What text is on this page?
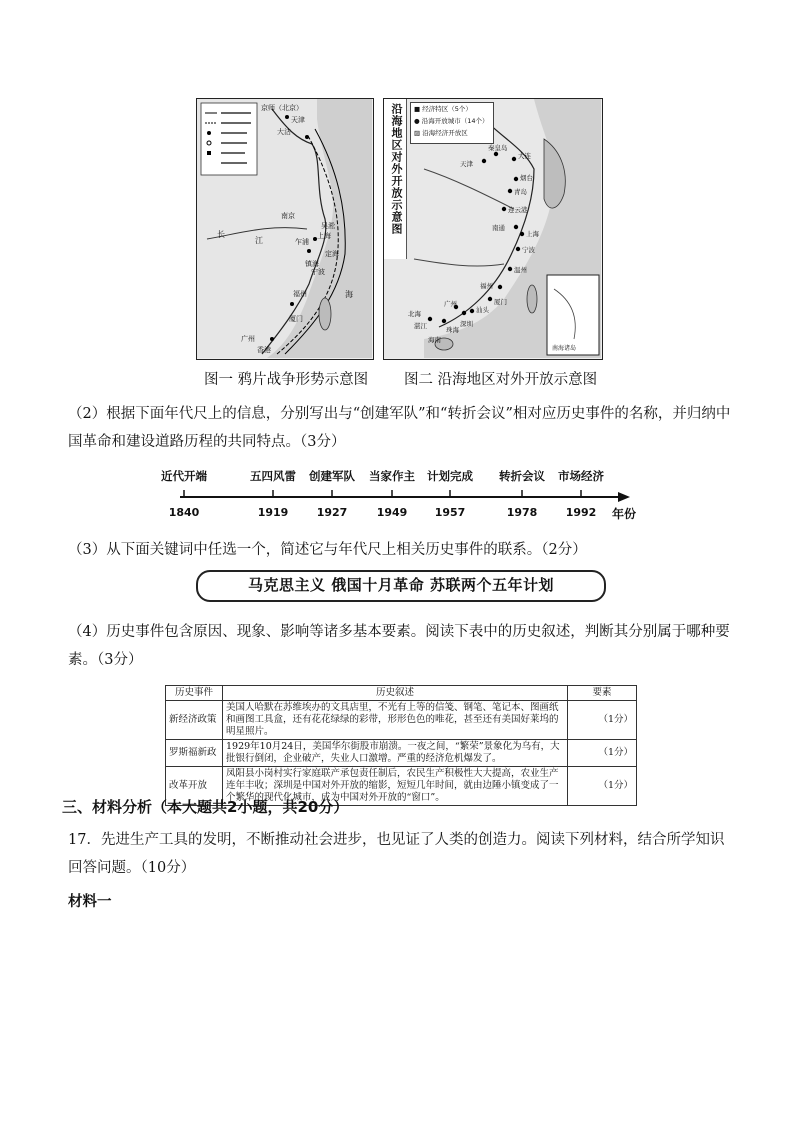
京师（北京）
天津
大沽
长
江
海
福州
厦门
广州
香港
定海
镇海
吴淞
上海
南京
乍浦
宁波
沿海地区对外开放示意图 ■ 经济特区（5个）
● 沿海开放城市（14个）
▨ 沿海经济开放区
大连
秦皇岛
天津
烟台
青岛
连云港
南通
上海
宁波
温州
福州
厦门
汕头
深圳
珠海
广州
湛江
北海
海南
南海诸岛
图一 鸦片战争形势示意图 图二 沿海地区对外开放示意图
（2）根据下面年代尺上的信息，分别写出与“创建军队”和“转折会议”相对应历史事件的名称，并归纳中国革命和建设道路历程的共同特点。（3分）
近代开端	五四风雷 创建军队 当家作主 计划完成 转折会议 市场经济
1840	1919	1927	1949 1957	1978	1992 年份
（3）从下面关键词中任选一个，简述它与年代尺上相关历史事件的联系。（2分）
马克思主义 俄国十月革命 苏联两个五年计划
（4）历史事件包含原因、现象、影响等诸多基本要素。阅读下表中的历史叙述，判断其分别属于哪种要素。（3分）
历史事件	历史叙述	要素
新经济政策	美国人哈默在苏维埃办的文具店里，不光有上等的信笺、钢笔、笔记本、图画纸和画图工具盒，还有花花绿绿的彩带，形形色色的唯花，甚至还有美国好莱坞的明星照片。	（1分）
罗斯福新政	1929年10月24日，美国华尔街股市崩溃。一夜之间，“繁荣”景象化为乌有，大批银行倒闭，企业破产，失业人口激增。严重的经济危机爆发了。	（1分）
改革开放	凤阳县小岗村实行家庭联产承包责任制后，农民生产积极性大大提高，农业生产连年丰收；深圳是中国对外开放的缩影，短短几年时间，就由边陲小镇变成了一个繁华的现代化城市，成为中国对外开放的“窗口”。	（1分）
三、材料分析（本大题共2小题，共20分）
17．先进生产工具的发明，不断推动社会进步，也见证了人类的创造力。阅读下列材料，结合所学知识回答问题。（10分）
材料一
